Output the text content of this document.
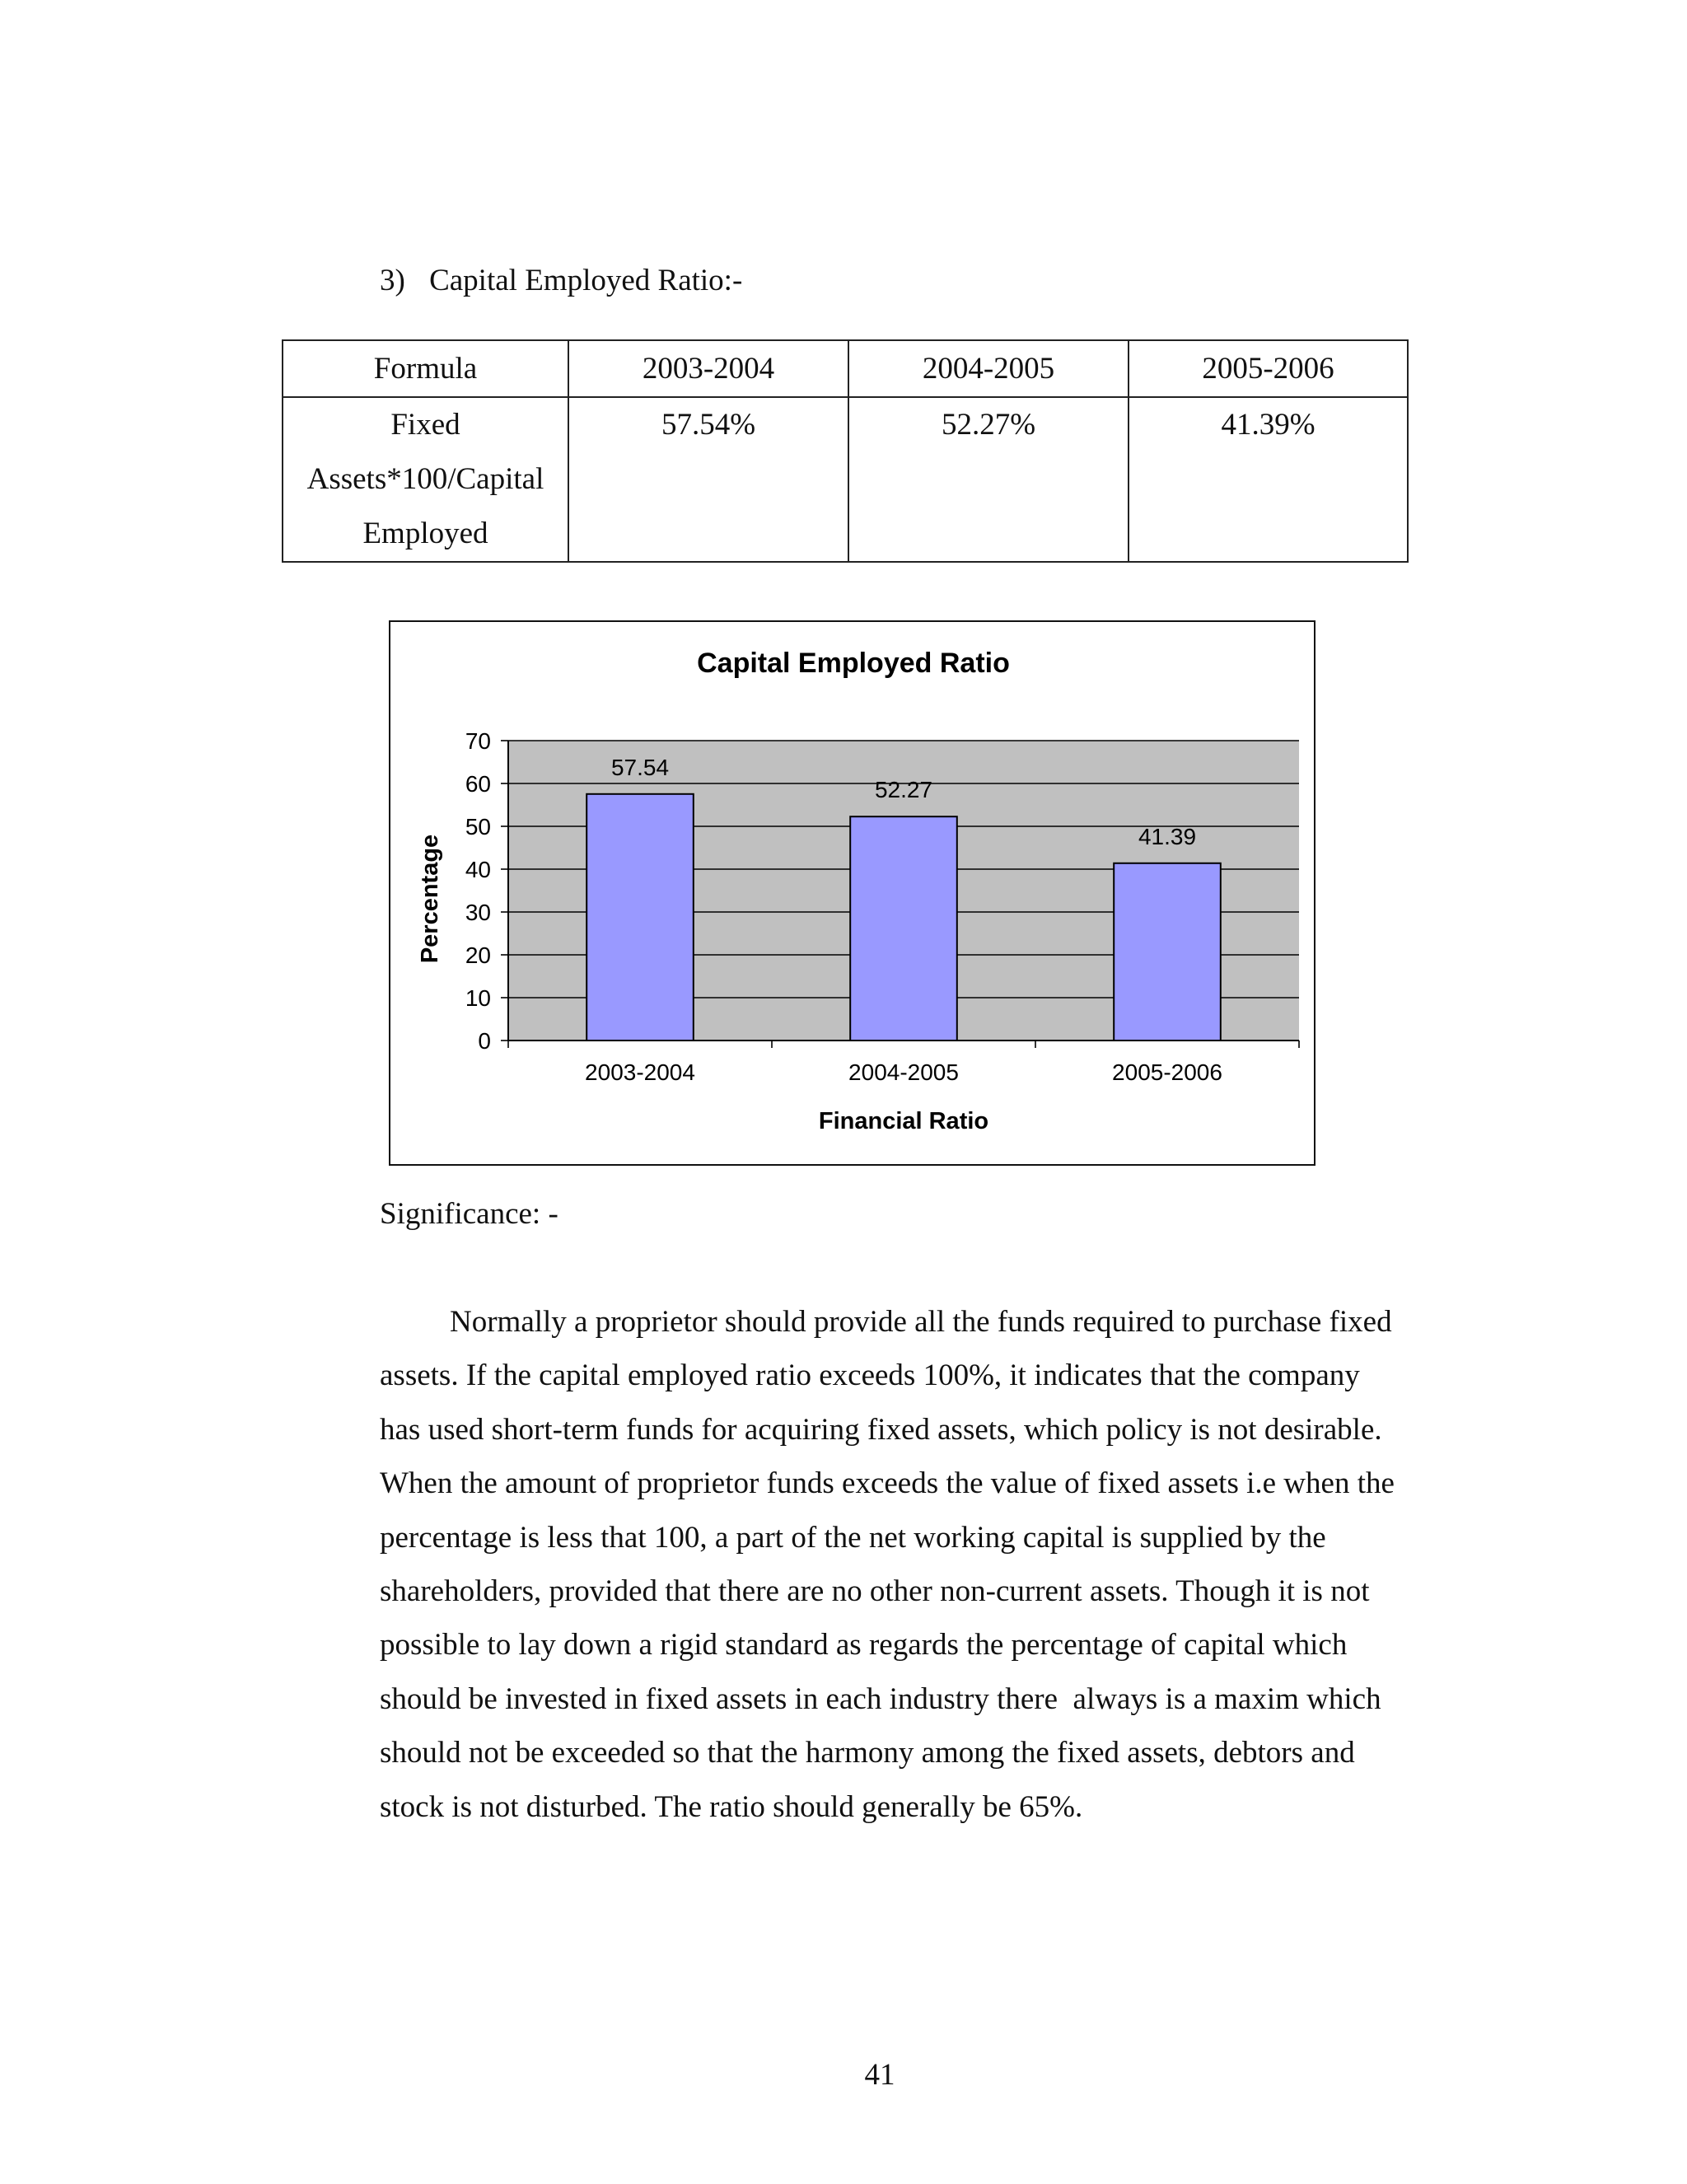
3) Capital Employed Ratio:-
Formula	2003-2004	2004-2005	2005-2006

Fixed
Assets*100/Capital
Employed	57.54%	52.27%	41.39%
Capital Employed Ratio
0
10
20
30
40
50
60
70
57.54
2003-2004
52.27
2004-2005
41.39
2005-2006
Financial Ratio
Percentage
Significance: -
Normally a proprietor should provide all the funds required to purchase fixed
assets. If the capital employed ratio exceeds 100%, it indicates that the company
has used short-term funds for acquiring fixed assets, which policy is not desirable.
When the amount of proprietor funds exceeds the value of fixed assets i.e when the
percentage is less that 100, a part of the net working capital is supplied by the
shareholders, provided that there are no other non-current assets. Though it is not
possible to lay down a rigid standard as regards the percentage of capital which
should be invested in fixed assets in each industry there  always is a maxim which
should not be exceeded so that the harmony among the fixed assets, debtors and
stock is not disturbed. The ratio should generally be 65%.
41
